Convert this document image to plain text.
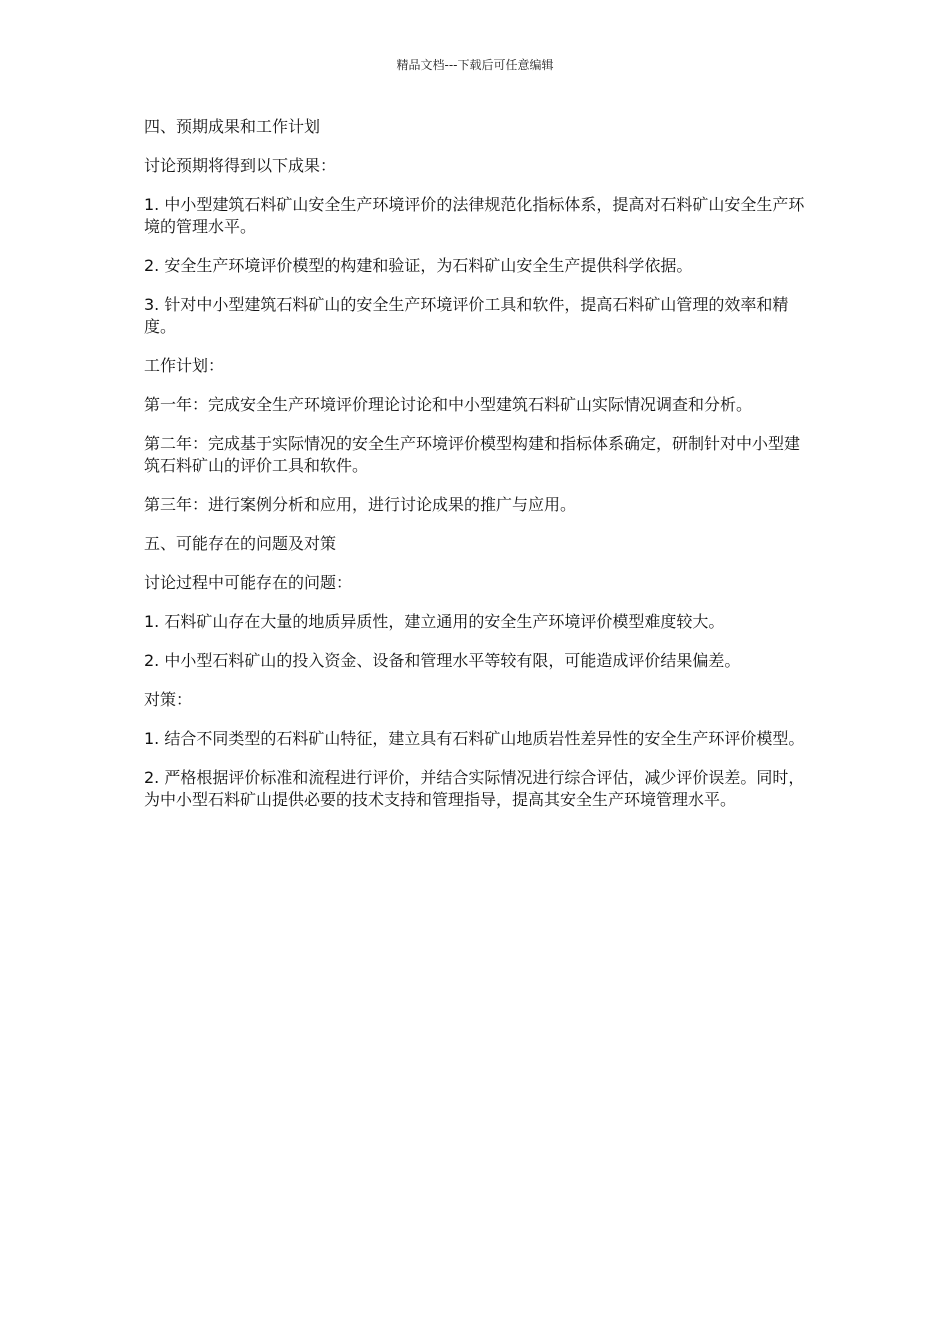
精品文档---下载后可任意编辑

四、预期成果和工作计划

讨论预期将得到以下成果：

1. 中小型建筑石料矿山安全生产环境评价的法律规范化指标体系，提高对石料矿山安全生产环境的管理水平。

2. 安全生产环境评价模型的构建和验证，为石料矿山安全生产提供科学依据。

3. 针对中小型建筑石料矿山的安全生产环境评价工具和软件，提高石料矿山管理的效率和精度。

工作计划：

第一年：完成安全生产环境评价理论讨论和中小型建筑石料矿山实际情况调查和分析。

第二年：完成基于实际情况的安全生产环境评价模型构建和指标体系确定，研制针对中小型建筑石料矿山的评价工具和软件。

第三年：进行案例分析和应用，进行讨论成果的推广与应用。

五、可能存在的问题及对策

讨论过程中可能存在的问题：

1. 石料矿山存在大量的地质异质性，建立通用的安全生产环境评价模型难度较大。

2. 中小型石料矿山的投入资金、设备和管理水平等较有限，可能造成评价结果偏差。

对策：

1. 结合不同类型的石料矿山特征，建立具有石料矿山地质岩性差异性的安全生产环评价模型。

2. 严格根据评价标准和流程进行评价，并结合实际情况进行综合评估，减少评价误差。同时，为中小型石料矿山提供必要的技术支持和管理指导，提高其安全生产环境管理水平。
